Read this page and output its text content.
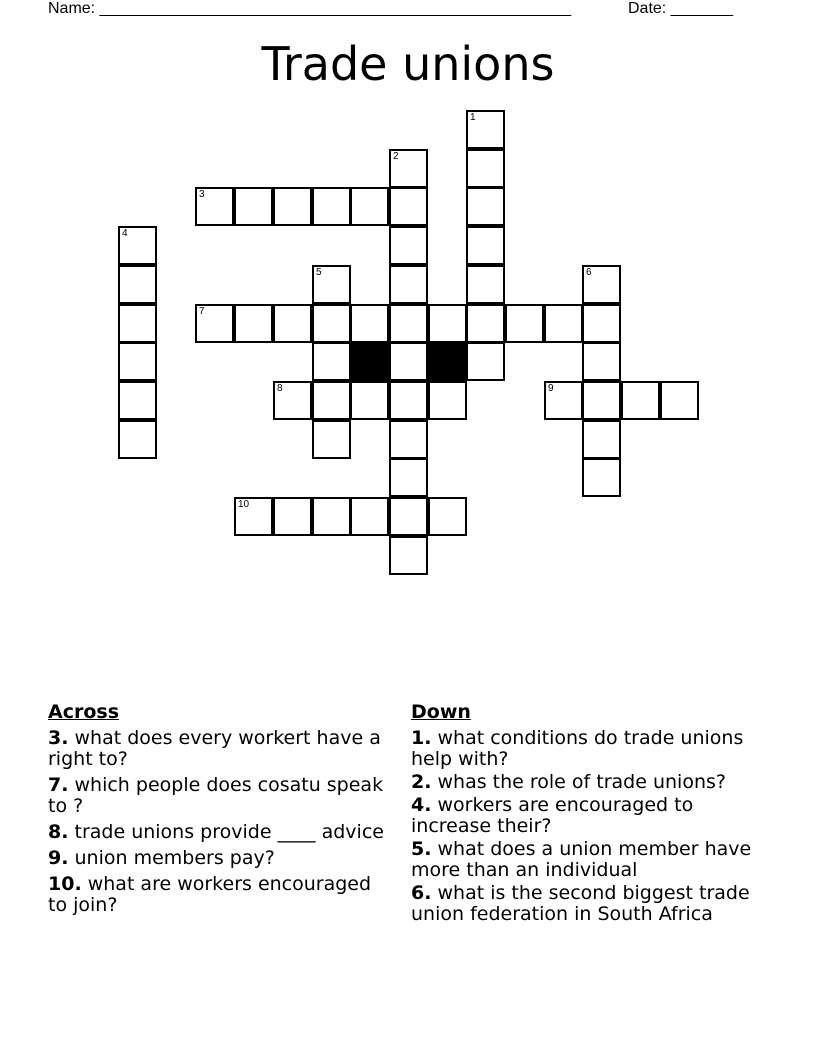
Name: _____________________________________________________	Date: _______
Trade unions
1
2
3
4
5	6
7
8	9
10
Across
3. what does every workert have a right to?
7. which people does cosatu speak to ?
8. trade unions provide ____ advice
9. union members pay?
10. what are workers encouraged to join?
Down
1. what conditions do trade unions help with?
2. whas the role of trade unions?
4. workers are encouraged to increase their?
5. what does a union member have more than an individual
6. what is the second biggest trade union federation in South Africa
